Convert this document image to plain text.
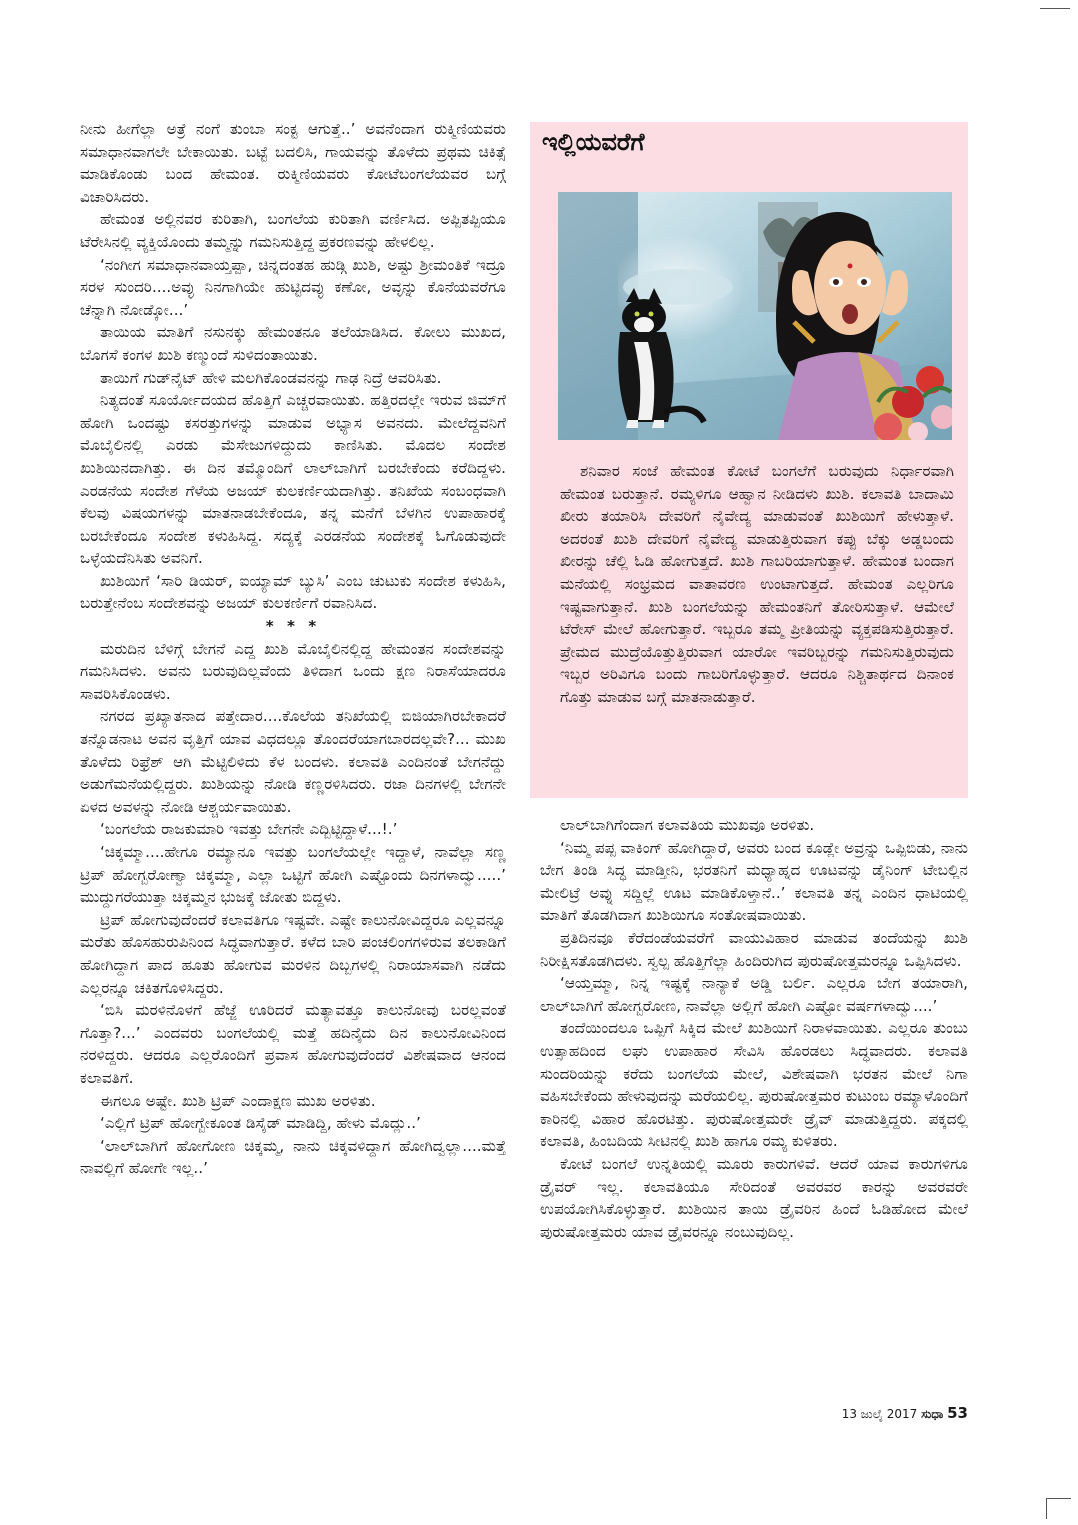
ನೀನು ಹೀಗೆಲ್ಲಾ ಅತ್ರೆ ನಂಗೆ ತುಂಬಾ ಸಂಕ್ಟ ಆಗುತ್ತೆ..’ ಅವನೆಂದಾಗ ರುಕ್ಮಿಣಿಯವರು ಸಮಾಧಾನವಾಗಲೇ ಬೇಕಾಯಿತು. ಬಟ್ಟೆ ಬದಲಿಸಿ, ಗಾಯವನ್ನು ತೊಳೆದು ಪ್ರಥಮ ಚಿಕಿತ್ಸೆ ಮಾಡಿಕೊಂಡು ಬಂದ ಹೇಮಂತ. ರುಕ್ಮಿಣಿಯವರು ಕೋಟೆಬಂಗಲೆಯವರ ಬಗ್ಗೆ ವಿಚಾರಿಸಿದರು.

ಹೇಮಂತ ಅಲ್ಲಿನವರ ಕುರಿತಾಗಿ, ಬಂಗಲೆಯ ಕುರಿತಾಗಿ ವರ್ಣಿಸಿದ. ಅಪ್ಪಿತಪ್ಪಿಯೂ ಟೆರೇಸಿನಲ್ಲಿ ವ್ಯಕ್ತಿಯೊಂದು ತಮ್ಮನ್ನು ಗಮನಿಸುತ್ತಿದ್ದ ಪ್ರಕರಣವನ್ನು ಹೇಳಲಿಲ್ಲ.

‘ನಂಗೀಗ ಸಮಾಧಾನವಾಯ್ತಪ್ಪಾ, ಚಿನ್ನದಂತಹ ಹುಡ್ಗಿ ಖುಶಿ, ಅಷ್ಟು ಶ್ರೀಮಂತಿಕೆ ಇದ್ರೂ ಸರಳ ಸುಂದರಿ....ಅವ್ಳು ನಿನಗಾಗಿಯೇ ಹುಟ್ಟಿದವ್ಳು ಕಣೋ, ಅವ್ಳನ್ನು ಕೊನೆಯವರೆಗೂ ಚೆನ್ನಾಗಿ ನೋಡ್ಕೋ...’

ತಾಯಿಯ ಮಾತಿಗೆ ನಸುನಕ್ಕು ಹೇಮಂತನೂ ತಲೆಯಾಡಿಸಿದ. ಕೋಲು ಮುಖದ, ಬೊಗಸೆ ಕಂಗಳ ಖುಶಿ ಕಣ್ಮುಂದೆ ಸುಳಿದಂತಾಯಿತು.

ತಾಯಿಗೆ ಗುಡ್‌ನೈಟ್ ಹೇಳಿ ಮಲಗಿಕೊಂಡವನನ್ನು ಗಾಢ ನಿದ್ರೆ ಆವರಿಸಿತು.

ನಿತ್ಯದಂತೆ ಸೂರ್ಯೋದಯದ ಹೊತ್ತಿಗೆ ಎಚ್ಚರವಾಯಿತು. ಹತ್ತಿರದಲ್ಲೇ ಇರುವ ಜಿಮ್‌ಗೆ ಹೋಗಿ ಒಂದಷ್ಟು ಕಸರತ್ತುಗಳನ್ನು ಮಾಡುವ ಅಭ್ಯಾಸ ಅವನದು. ಮೇಲೆದ್ದವನಿಗೆ ಮೊಬೈಲಿನಲ್ಲಿ ಎರಡು ಮೆಸೇಜುಗಳಿದ್ದುದು ಕಾಣಿಸಿತು. ಮೊದಲ ಸಂದೇಶ ಖುಶಿಯಿನದಾಗಿತ್ತು. ಈ ದಿನ ತಮ್ಮೊಂದಿಗೆ ಲಾಲ್‌ಬಾಗಿಗೆ ಬರಬೇಕೆಂದು ಕರೆದಿದ್ದಳು. ಎರಡನೆಯ ಸಂದೇಶ ಗೆಳೆಯ ಅಜಯ್ ಕುಲಕರ್ಣಿಯದಾಗಿತ್ತು. ತನಿಖೆಯ ಸಂಬಂಧವಾಗಿ ಕೆಲವು ವಿಷಯಗಳನ್ನು ಮಾತನಾಡಬೇಕೆಂದೂ, ತನ್ನ ಮನೆಗೆ ಬೆಳಗಿನ ಉಪಾಹಾರಕ್ಕೆ ಬರಬೇಕೆಂದೂ ಸಂದೇಶ ಕಳುಹಿಸಿದ್ದ. ಸದ್ಯಕ್ಕೆ ಎರಡನೆಯ ಸಂದೇಶಕ್ಕೆ ಓಗೊಡುವುದೇ ಒಳ್ಳೆಯದೆನಿಸಿತು ಅವನಿಗೆ.

ಖುಶಿಯಿಗೆ ‘ಸಾರಿ ಡಿಯರ್, ಐಯ್ಯಾಮ್ ಬ್ಯುಸಿ’ ಎಂಬ ಚುಟುಕು ಸಂದೇಶ ಕಳುಹಿಸಿ, ಬರುತ್ತೇನೆಂಬ ಸಂದೇಶವನ್ನು ಅಜಯ್ ಕುಲಕರ್ಣಿಗೆ ರವಾನಿಸಿದ.

* * *

ಮರುದಿನ ಬೆಳಿಗ್ಗೆ ಬೇಗನೆ ಎದ್ದ ಖುಶಿ ಮೊಬೈಲಿನಲ್ಲಿದ್ದ ಹೇಮಂತನ ಸಂದೇಶವನ್ನು ಗಮನಿಸಿದಳು. ಅವನು ಬರುವುದಿಲ್ಲವೆಂದು ತಿಳಿದಾಗ ಒಂದು ಕ್ಷಣ ನಿರಾಸೆಯಾದರೂ ಸಾವರಿಸಿಕೊಂಡಳು.

ನಗರದ ಪ್ರಖ್ಯಾತನಾದ ಪತ್ತೇದಾರ....ಕೊಲೆಯ ತನಿಖೆಯಲ್ಲಿ ಬಿಜಿಯಾಗಿರಬೇಕಾದರೆ ತನ್ನೊಡನಾಟ ಅವನ ವೃತ್ತಿಗೆ ಯಾವ ವಿಧದಲ್ಲೂ ತೊಂದರೆಯಾಗಬಾರದಲ್ಲವೇ?... ಮುಖ ತೊಳೆದು ರಿಫ್ರೆಶ್ ಆಗಿ ಮೆಟ್ಟಿಲಿಳಿದು ಕೆಳ ಬಂದಳು. ಕಲಾವತಿ ಎಂದಿನಂತೆ ಬೇಗನೆದ್ದು ಅಡುಗೆಮನೆಯಲ್ಲಿದ್ದರು. ಖುಶಿಯನ್ನು ನೋಡಿ ಕಣ್ಣರಳಿಸಿದರು. ರಜಾ ದಿನಗಳಲ್ಲಿ ಬೇಗನೇ ಏಳದ ಅವಳನ್ನು ನೋಡಿ ಆಶ್ಚರ್ಯವಾಯಿತು.

‘ಬಂಗಲೆಯ ರಾಜಕುಮಾರಿ ಇವತ್ತು ಬೇಗನೇ ಎದ್ಬಿಟ್ಟಿದ್ದಾಳೆ...!.’

‘ಚಿಕ್ಕಮ್ಮಾ....ಹೇಗೂ ರಮ್ಯಾನೂ ಇವತ್ತು ಬಂಗಲೆಯಲ್ಲೇ ಇದ್ದಾಳೆ, ನಾವೆಲ್ಲಾ ಸಣ್ಣ ಟ್ರಿಪ್ ಹೋಗ್ಬರೋಣ್ವಾ ಚಿಕ್ಕಮ್ಮಾ, ಎಲ್ಲಾ ಒಟ್ಟಿಗೆ ಹೋಗಿ ಎಷ್ಟೊಂದು ದಿನಗಳಾದ್ವು.....’ ಮುದ್ದುಗರೆಯುತ್ತಾ ಚಿಕ್ಕಮ್ಮನ ಭುಜಕ್ಕೆ ಜೋತು ಬಿದ್ದಳು.

ಟ್ರಿಪ್ ಹೋಗುವುದೆಂದರೆ ಕಲಾವತಿಗೂ ಇಷ್ಟವೇ. ಎಷ್ಟೇ ಕಾಲುನೋವಿದ್ದರೂ ಎಲ್ಲವನ್ನೂ ಮರೆತು ಹೊಸಹುರುಪಿನಿಂದ ಸಿದ್ಧವಾಗುತ್ತಾರೆ. ಕಳೆದ ಬಾರಿ ಪಂಚಲಿಂಗಗಳಿರುವ ತಲಕಾಡಿಗೆ ಹೋಗಿದ್ದಾಗ ಪಾದ ಹೂತು ಹೋಗುವ ಮರಳಿನ ದಿಬ್ಬಗಳಲ್ಲಿ ನಿರಾಯಾಸವಾಗಿ ನಡೆದು ಎಲ್ಲರನ್ನೂ ಚಕಿತಗೊಳಿಸಿದ್ದರು.

‘ಬಿಸಿ ಮರಳಿನೊಳಗೆ ಹೆಜ್ಜೆ ಊರಿದರೆ ಮತ್ಯಾವತ್ತೂ ಕಾಲುನೋವು ಬರಲ್ಲವಂತೆ ಗೊತ್ತಾ?...’ ಎಂದವರು ಬಂಗಲೆಯಲ್ಲಿ ಮತ್ತೆ ಹದಿನೈದು ದಿನ ಕಾಲುನೋವಿನಿಂದ ನರಳಿದ್ದರು. ಆದರೂ ಎಲ್ಲರೊಂದಿಗೆ ಪ್ರವಾಸ ಹೋಗುವುದೆಂದರೆ ವಿಶೇಷವಾದ ಆನಂದ ಕಲಾವತಿಗೆ.

ಈಗಲೂ ಅಷ್ಟೇ. ಖುಶಿ ಟ್ರಿಪ್ ಎಂದಾಕ್ಷಣ ಮುಖ ಅರಳಿತು.

‘ಎಲ್ಲಿಗೆ ಟ್ರಿಪ್ ಹೋಗ್ಬೇಕೂಂತ ಡಿಸೈಡ್ ಮಾಡಿದ್ದಿ, ಹೇಳು ಮೊದ್ಲು..’

‘ಲಾಲ್‌ಬಾಗಿಗೆ ಹೋಗೋಣ ಚಿಕ್ಕಮ್ಮ, ನಾನು ಚಿಕ್ಕವಳಿದ್ದಾಗ ಹೋಗಿದ್ವಲ್ಲಾ....ಮತ್ತೆ ನಾವಲ್ಲಿಗೆ ಹೋಗೇ ಇಲ್ಲ..’

ಇಲ್ಲಿಯವರೆಗೆ
ಶನಿವಾರ ಸಂಜೆ ಹೇಮಂತ ಕೋಟೆ ಬಂಗಲೆಗೆ ಬರುವುದು ನಿರ್ಧಾರವಾಗಿ ಹೇಮಂತ ಬರುತ್ತಾನೆ. ರಮ್ಯಳಿಗೂ ಆಹ್ವಾನ ನೀಡಿದಳು ಖುಶಿ. ಕಲಾವತಿ ಬಾದಾಮಿ ಖೀರು ತಯಾರಿಸಿ ದೇವರಿಗೆ ನೈವೇದ್ಯ ಮಾಡುವಂತೆ ಖುಶಿಯಿಗೆ ಹೇಳುತ್ತಾಳೆ. ಅದರಂತೆ ಖುಶಿ ದೇವರಿಗೆ ನೈವೇದ್ಯ ಮಾಡುತ್ತಿರುವಾಗ ಕಪ್ಪು ಬೆಕ್ಕು ಅಡ್ಡಬಂದು ಖೀರನ್ನು ಚೆಲ್ಲಿ ಓಡಿ ಹೋಗುತ್ತದೆ. ಖುಶಿ ಗಾಬರಿಯಾಗುತ್ತಾಳೆ. ಹೇಮಂತ ಬಂದಾಗ ಮನೆಯಲ್ಲಿ ಸಂಭ್ರಮದ ವಾತಾವರಣ ಉಂಟಾಗುತ್ತದೆ. ಹೇಮಂತ ಎಲ್ಲರಿಗೂ ಇಷ್ಟವಾಗುತ್ತಾನೆ. ಖುಶಿ ಬಂಗಲೆಯನ್ನು ಹೇಮಂತನಿಗೆ ತೋರಿಸುತ್ತಾಳೆ. ಆಮೇಲೆ ಟೆರೇಸ್ ಮೇಲೆ ಹೋಗುತ್ತಾರೆ. ಇಬ್ಬರೂ ತಮ್ಮ ಪ್ರೀತಿಯನ್ನು ವ್ಯಕ್ತಪಡಿಸುತ್ತಿರುತ್ತಾರೆ. ಪ್ರೇಮದ ಮುದ್ರೆಯೊತ್ತುತ್ತಿರುವಾಗ ಯಾರೋ ಇವರಿಬ್ಬರನ್ನು ಗಮನಿಸುತ್ತಿರುವುದು ಇಬ್ಬರ ಅರಿವಿಗೂ ಬಂದು ಗಾಬರಿಗೊಳ್ಳುತ್ತಾರೆ. ಆದರೂ ನಿಶ್ಚಿತಾರ್ಥದ ದಿನಾಂಕ ಗೊತ್ತು ಮಾಡುವ ಬಗ್ಗೆ ಮಾತನಾಡುತ್ತಾರೆ.

ಲಾಲ್‌ಬಾಗಿಗೆಂದಾಗ ಕಲಾವತಿಯ ಮುಖವೂ ಅರಳಿತು.

‘ನಿಮ್ಮ ಪಪ್ಪ ವಾಕಿಂಗ್ ಹೋಗಿದ್ದಾರೆ, ಅವರು ಬಂದ ಕೂಡ್ಲೇ ಅವ್ರನ್ನು ಒಪ್ಪಿಬಿಡು, ನಾನು ಬೇಗ ತಿಂಡಿ ಸಿದ್ಧ ಮಾಡ್ತೀನಿ, ಭರತನಿಗೆ ಮಧ್ಯಾಹ್ನದ ಊಟವನ್ನು ಡೈನಿಂಗ್ ಟೇಬಲ್ಲಿನ ಮೇಲಿಟ್ರೆ ಅವ್ನು ಸದ್ದಿಲ್ಲೆ ಊಟ ಮಾಡಿಕೊಳ್ತಾನೆ..’ ಕಲಾವತಿ ತನ್ನ ಎಂದಿನ ಧಾಟಿಯಲ್ಲಿ ಮಾತಿಗೆ ತೊಡಗಿದಾಗ ಖುಶಿಯಿಗೂ ಸಂತೋಷವಾಯಿತು.

ಪ್ರತಿದಿನವೂ ಕೆರೆದಂಡೆಯವರೆಗೆ ವಾಯುವಿಹಾರ ಮಾಡುವ ತಂದೆಯನ್ನು ಖುಶಿ ನಿರೀಕ್ಷಿಸತೊಡಗಿದಳು. ಸ್ವಲ್ಪ ಹೊತ್ತಿಗೆಲ್ಲಾ ಹಿಂದಿರುಗಿದ ಪುರುಷೋತ್ತಮರನ್ನೂ ಒಪ್ಪಿಸಿದಳು.

‘ಆಯ್ತಮ್ಮಾ, ನಿನ್ನ ಇಷ್ಟಕ್ಕೆ ನಾನ್ಯಾಕೆ ಅಡ್ಡಿ ಬರ್ಲಿ. ಎಲ್ಲರೂ ಬೇಗ ತಯಾರಾಗಿ, ಲಾಲ್‌ಬಾಗಿಗೆ ಹೋಗ್ಬರೋಣ, ನಾವೆಲ್ಲಾ ಅಲ್ಲಿಗೆ ಹೋಗಿ ಎಷ್ಟೋ ವರ್ಷಗಳಾದ್ವು....’

ತಂದೆಯಿಂದಲೂ ಒಪ್ಪಿಗೆ ಸಿಕ್ಕಿದ ಮೇಲೆ ಖುಶಿಯಿಗೆ ನಿರಾಳವಾಯಿತು. ಎಲ್ಲರೂ ತುಂಬು ಉತ್ಸಾಹದಿಂದ ಲಘು ಉಪಾಹಾರ ಸೇವಿಸಿ ಹೊರಡಲು ಸಿದ್ಧವಾದರು. ಕಲಾವತಿ ಸುಂದರಿಯನ್ನು ಕರೆದು ಬಂಗಲೆಯ ಮೇಲೆ, ವಿಶೇಷವಾಗಿ ಭರತನ ಮೇಲೆ ನಿಗಾ ವಹಿಸಬೇಕೆಂದು ಹೇಳುವುದನ್ನು ಮರೆಯಲಿಲ್ಲ. ಪುರುಷೋತ್ತಮರ ಕುಟುಂಬ ರಮ್ಯಾಳೊಂದಿಗೆ ಕಾರಿನಲ್ಲಿ ವಿಹಾರ ಹೊರಟಿತ್ತು. ಪುರುಷೋತ್ತಮರೇ ಡ್ರೈವ್ ಮಾಡುತ್ತಿದ್ದರು. ಪಕ್ಕದಲ್ಲಿ ಕಲಾವತಿ, ಹಿಂಬದಿಯ ಸೀಟಿನಲ್ಲಿ ಖುಶಿ ಹಾಗೂ ರಮ್ಯ ಕುಳಿತರು.

ಕೋಟೆ ಬಂಗಲೆ ಉನ್ನತಿಯಲ್ಲಿ ಮೂರು ಕಾರುಗಳಿವೆ. ಆದರೆ ಯಾವ ಕಾರುಗಳಿಗೂ ಡ್ರೈವರ್ ಇಲ್ಲ. ಕಲಾವತಿಯೂ ಸೇರಿದಂತೆ ಅವರವರ ಕಾರನ್ನು ಅವರವರೇ ಉಪಯೋಗಿಸಿಕೊಳ್ಳುತ್ತಾರೆ. ಖುಶಿಯಿನ ತಾಯಿ ಡ್ರೈವರಿನ ಹಿಂದೆ ಓಡಿಹೋದ ಮೇಲೆ ಪುರುಷೋತ್ತಮರು ಯಾವ ಡ್ರೈವರನ್ನೂ ನಂಬುವುದಿಲ್ಲ.

13 ಜುಲೈ 2017 ಸುಧಾ 53
